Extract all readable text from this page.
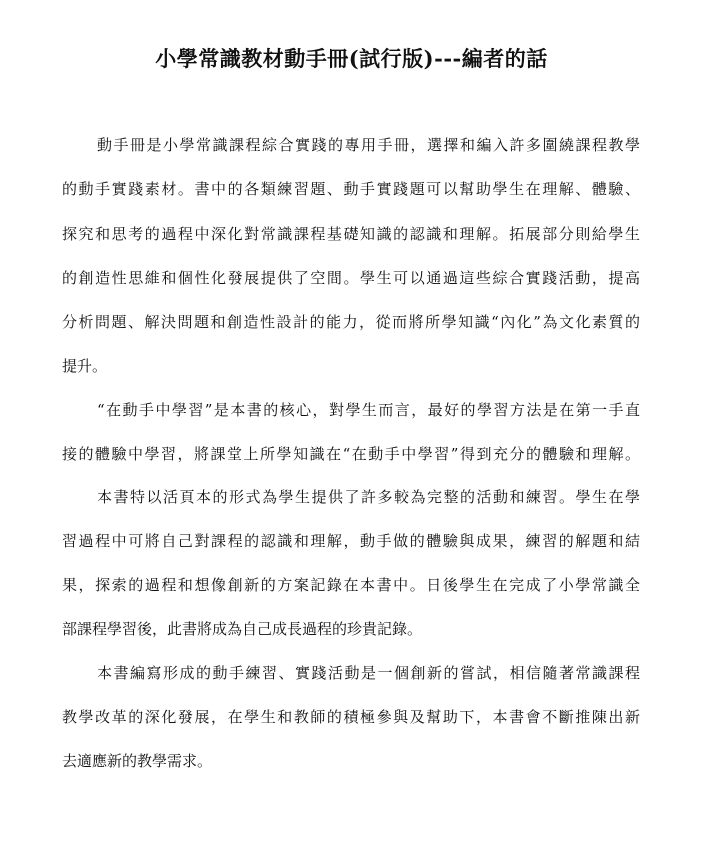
小學常識教材動手冊(試行版)---編者的話
動手冊是小學常識課程綜合實踐的專用手冊，選擇和編入許多圍繞課程教學
的動手實踐素材。書中的各類練習題、動手實踐題可以幫助學生在理解、體驗、
探究和思考的過程中深化對常識課程基礎知識的認識和理解。拓展部分則給學生
的創造性思維和個性化發展提供了空間。學生可以通過這些綜合實踐活動，提高
分析問題、解決問題和創造性設計的能力，從而將所學知識“內化”為文化素質的
提升。
“在動手中學習”是本書的核心，對學生而言，最好的學習方法是在第一手直
接的體驗中學習，將課堂上所學知識在“在動手中學習”得到充分的體驗和理解。
本書特以活頁本的形式為學生提供了許多較為完整的活動和練習。學生在學
習過程中可將自己對課程的認識和理解，動手做的體驗與成果，練習的解題和結
果，探索的過程和想像創新的方案記錄在本書中。日後學生在完成了小學常識全
部課程學習後，此書將成為自己成長過程的珍貴記錄。
本書編寫形成的動手練習、實踐活動是一個創新的嘗試，相信隨著常識課程
教學改革的深化發展，在學生和教師的積極參與及幫助下，本書會不斷推陳出新
去適應新的教學需求。
